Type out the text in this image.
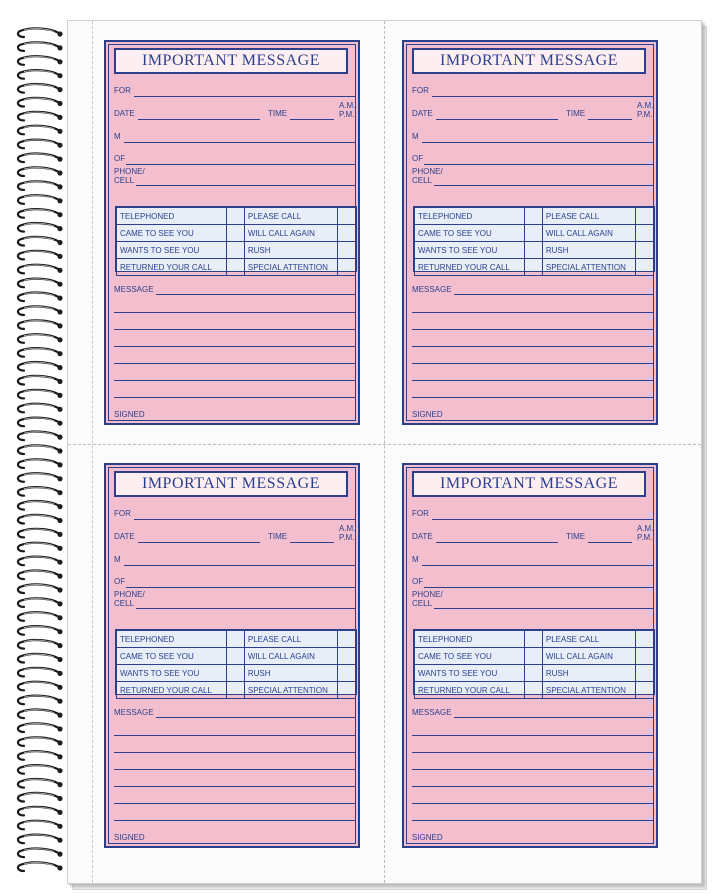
IMPORTANT MESSAGE
FOR
DATE	TIME
A.M.
P.M.
M
OF
PHONE/
CELL
TELEPHONED		PLEASE CALL	
CAME TO SEE YOU		WILL CALL AGAIN	
WANTS TO SEE YOU		RUSH	
RETURNED YOUR CALL		SPECIAL ATTENTION	
MESSAGE
SIGNED
IMPORTANT MESSAGE
FOR
DATE	TIME
A.M.
P.M.
M
OF
PHONE/
CELL
TELEPHONED		PLEASE CALL	
CAME TO SEE YOU		WILL CALL AGAIN	
WANTS TO SEE YOU		RUSH	
RETURNED YOUR CALL		SPECIAL ATTENTION	
MESSAGE
SIGNED
IMPORTANT MESSAGE
FOR
DATE	TIME
A.M.
P.M.
M
OF
PHONE/
CELL
TELEPHONED		PLEASE CALL	
CAME TO SEE YOU		WILL CALL AGAIN	
WANTS TO SEE YOU		RUSH	
RETURNED YOUR CALL		SPECIAL ATTENTION	
MESSAGE
SIGNED
IMPORTANT MESSAGE
FOR
DATE	TIME
A.M.
P.M.
M
OF
PHONE/
CELL
TELEPHONED		PLEASE CALL	
CAME TO SEE YOU		WILL CALL AGAIN	
WANTS TO SEE YOU		RUSH	
RETURNED YOUR CALL		SPECIAL ATTENTION	
MESSAGE
SIGNED
